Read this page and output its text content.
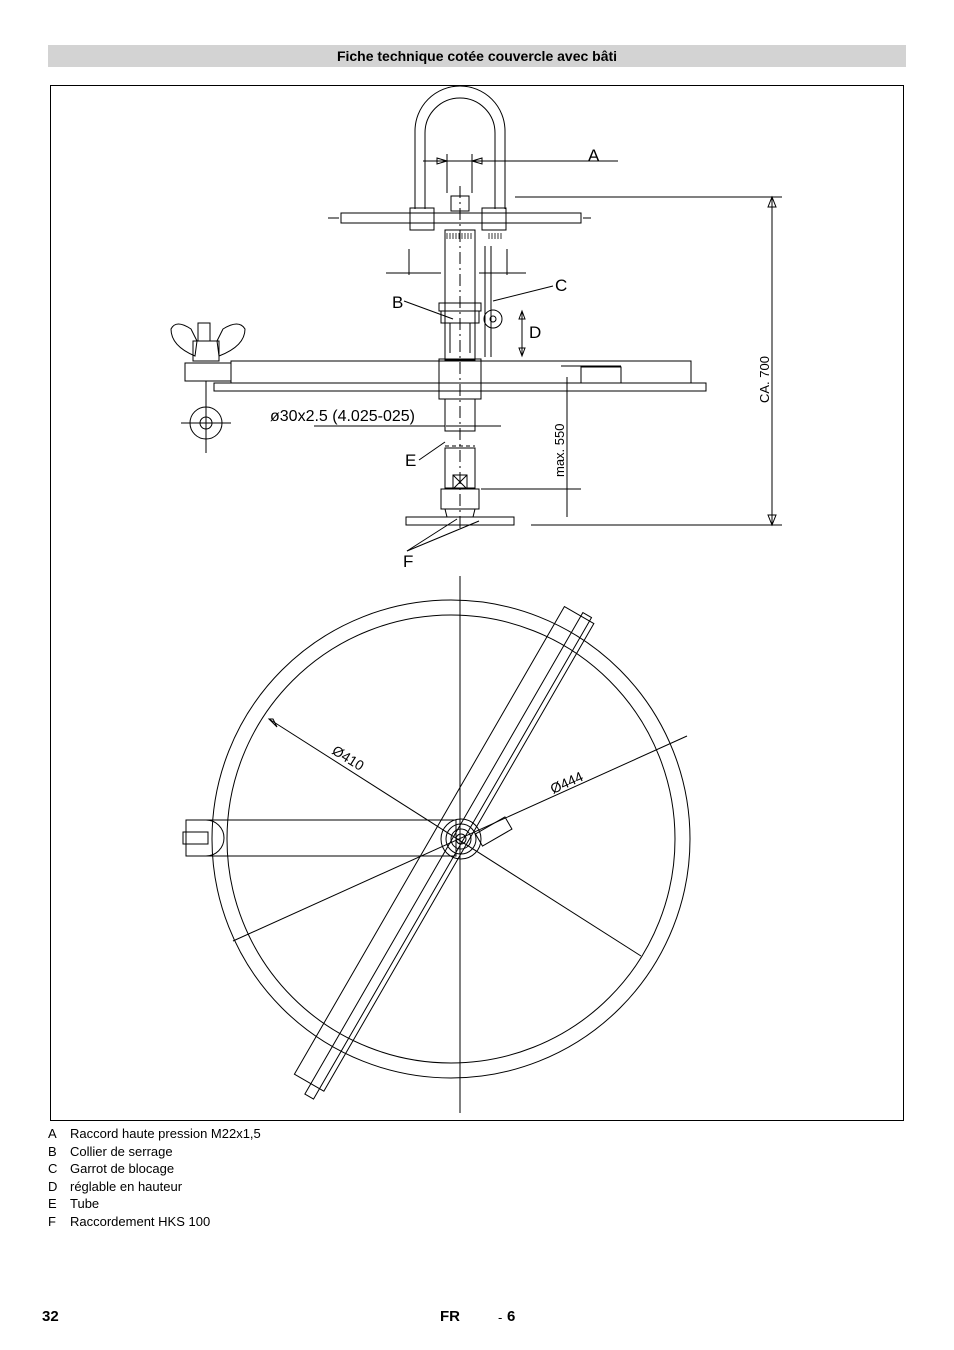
Fiche technique cotée couvercle avec bâti
A
B
C
D
E
F
ø30x2.5 (4.025-025)
CA. 700
max. 550
Ø410
Ø444
A	Raccord haute pression M22x1,5
B	Collier de serrage
C Garrot de blocage
D réglable en hauteur
E	Tube
F	Raccordement HKS 100
32	FR	- 6
